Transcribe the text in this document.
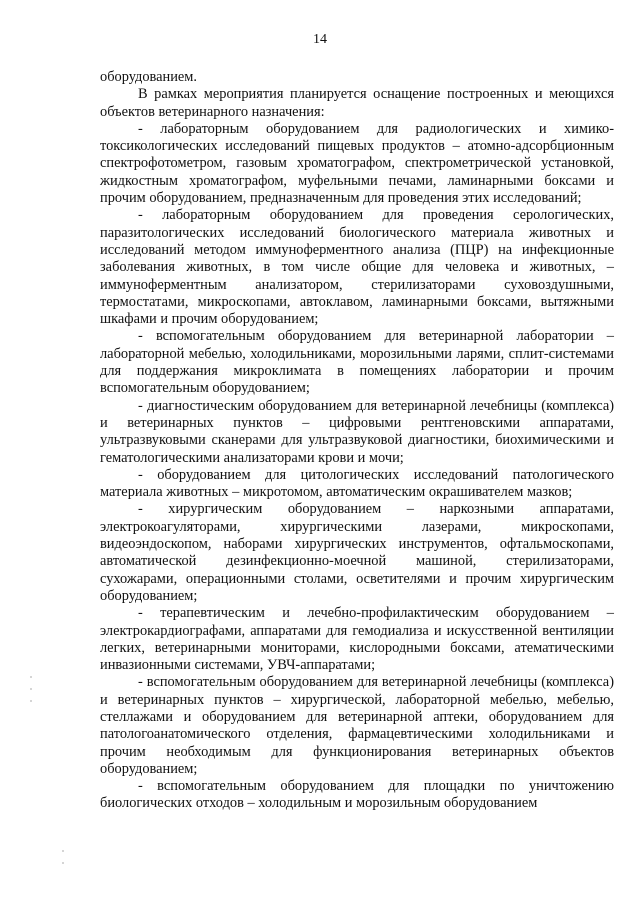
14

оборудованием.

В рамках мероприятия планируется оснащение построенных и меющихся объектов ветеринарного назначения:

- лабораторным оборудованием для радиологических и химико-токсикологических исследований пищевых продуктов – атомно-адсорбционным спектрофотометром, газовым хроматографом, спектрометрической установкой, жидкостным хроматографом, муфельными печами, ламинарными боксами и прочим оборудованием, предназначенным для проведения этих исследований;

- лабораторным оборудованием для проведения серологических, паразитологических исследований биологического материала животных и исследований методом иммуноферментного анализа (ПЦР) на инфекционные заболевания животных, в том числе общие для человека и животных, – иммуноферментным анализатором, стерилизаторами суховоздушными, термостатами, микроскопами, автоклавом, ламинарными боксами, вытяжными шкафами и прочим оборудованием;

- вспомогательным оборудованием для ветеринарной лаборатории – лабораторной мебелью, холодильниками, морозильными ларями, сплит-системами для поддержания микроклимата в помещениях лаборатории и прочим вспомогательным оборудованием;

- диагностическим оборудованием для ветеринарной лечебницы (комплекса) и ветеринарных пунктов – цифровыми рентгеновскими аппаратами, ультразвуковыми сканерами для ультразвуковой диагностики, биохимическими и гематологическими анализаторами крови и мочи;

- оборудованием для цитологических исследований патологического материала животных – микротомом, автоматическим окрашивателем мазков;

- хирургическим оборудованием – наркозными аппаратами, электрокоагуляторами, хирургическими лазерами, микроскопами, видеоэндоскопом, наборами хирургических инструментов, офтальмоскопами, автоматической дезинфекционно-моечной машиной, стерилизаторами, сухожарами, операционными столами, осветителями и прочим хирургическим оборудованием;

- терапевтическим и лечебно-профилактическим оборудованием – электрокардиографами, аппаратами для гемодиализа и искусственной вентиляции легких, ветеринарными мониторами, кислородными боксами, атематическими инвазионными системами, УВЧ-аппаратами;

- вспомогательным оборудованием для ветеринарной лечебницы (комплекса) и ветеринарных пунктов – хирургической, лабораторной мебелью, мебелью, стеллажами и оборудованием для ветеринарной аптеки, оборудованием для патологоанатомического отделения, фармацевтическими холодильниками и прочим необходимым для функционирования ветеринарных объектов оборудованием;

- вспомогательным оборудованием для площадки по уничтожению биологических отходов – холодильным и морозильным оборудованием
